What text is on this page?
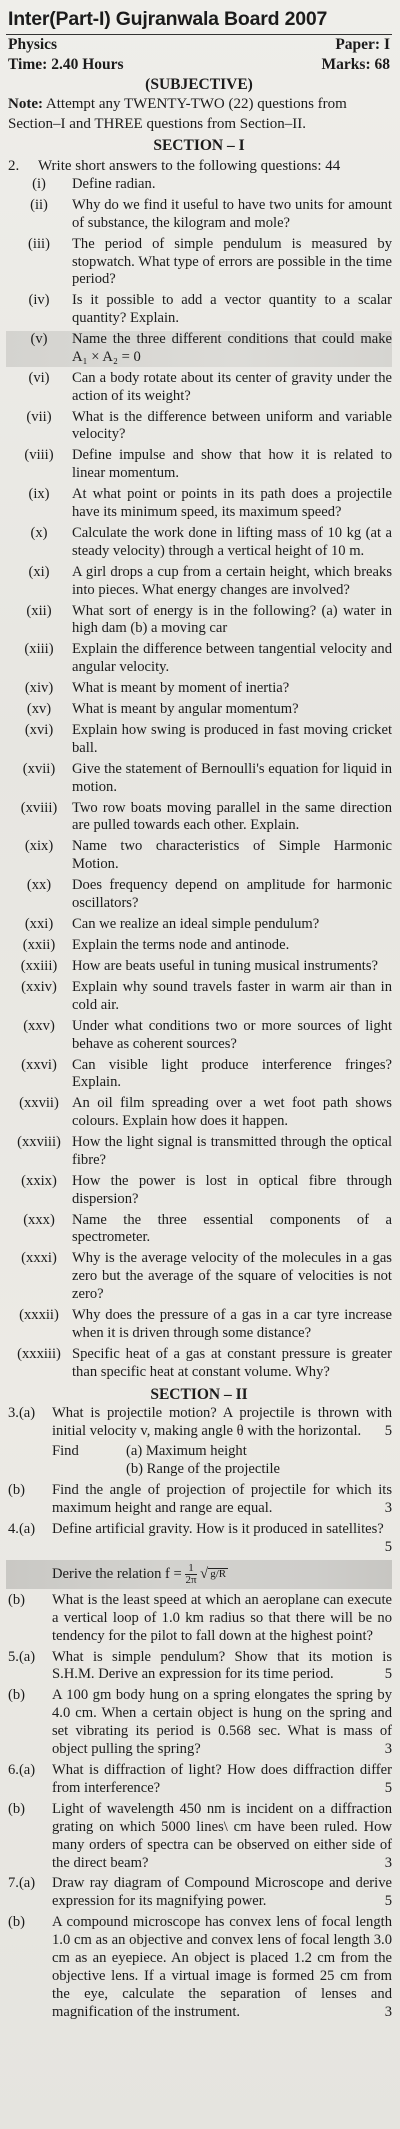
Inter(Part-I) Gujranwala Board 2007
Physics	Paper: I
Time: 2.40 Hours	Marks: 68
(SUBJECTIVE)
Note: Attempt any TWENTY-TWO (22) questions from Section–I and THREE questions from Section–II.
SECTION – I
2.	Write short answers to the following questions: 44
(i)	Define radian.
(ii)	Why do we find it useful to have two units for amount of substance, the kilogram and mole?
(iii)	The period of simple pendulum is measured by stopwatch. What type of errors are possible in the time period?
(iv)	Is it possible to add a vector quantity to a scalar quantity? Explain.
(v)	Name the three different conditions that could make A₁ × A₂ = 0
(vi)	Can a body rotate about its center of gravity under the action of its weight?
(vii)	What is the difference between uniform and variable velocity?
(viii)	Define impulse and show that how it is related to linear momentum.
(ix)	At what point or points in its path does a projectile have its minimum speed, its maximum speed?
(x)	Calculate the work done in lifting mass of 10 kg (at a steady velocity) through a vertical height of 10 m.
(xi)	A girl drops a cup from a certain height, which breaks into pieces. What energy changes are involved?
(xii)	What sort of energy is in the following? (a) water in high dam (b) a moving car
(xiii)	Explain the difference between tangential velocity and angular velocity.
(xiv)	What is meant by moment of inertia?
(xv)	What is meant by angular momentum?
(xvi)	Explain how swing is produced in fast moving cricket ball.
(xvii)	Give the statement of Bernoulli's equation for liquid in motion.
(xviii)	Two row boats moving parallel in the same direction are pulled towards each other. Explain.
(xix)	Name two characteristics of Simple Harmonic Motion.
(xx)	Does frequency depend on amplitude for harmonic oscillators?
(xxi)	Can we realize an ideal simple pendulum?
(xxii)	Explain the terms node and antinode.
(xxiii)	How are beats useful in tuning musical instruments?
(xxiv)	Explain why sound travels faster in warm air than in cold air.
(xxv)	Under what conditions two or more sources of light behave as coherent sources?
(xxvi)	Can visible light produce interference fringes? Explain.
(xxvii) An oil film spreading over a wet foot path shows colours. Explain how does it happen.
(xxviii) How the light signal is transmitted through the optical fibre?
(xxix)	How the power is lost in optical fibre through dispersion?
(xxx)	Name the three essential components of a spectrometer.
(xxxi)	Why is the average velocity of the molecules in a gas zero but the average of the square of velocities is not zero?
(xxxii) Why does the pressure of a gas in a car tyre increase when it is driven through some distance?
(xxxiii) Specific heat of a gas at constant pressure is greater than specific heat at constant volume. Why?
SECTION – II
3.(a)	What is projectile motion? A projectile is thrown with initial velocity v, making angle θ with the horizontal.	5
Find	(a) Maximum height
(b) Range of the projectile
(b)	Find the angle of projection of projectile for which its maximum height and range are equal.	3
4.(a)	Define artificial gravity. How is it produced in satellites?
5
Derive the relation $f = \frac{1}{2\pi}$ √ g/R
(b)	What is the least speed at which an aeroplane can execute a vertical loop of 1.0 km radius so that there will be no tendency for the pilot to fall down at the highest point?
5.(a)	What is simple pendulum? Show that its motion is S.H.M. Derive an expression for its time period.	5
(b)	A 100 gm body hung on a spring elongates the spring by 4.0 cm. When a certain object is hung on the spring and set vibrating its period is 0.568 sec. What is mass of object pulling the spring?	3
6.(a)	What is diffraction of light? How does diffraction differ from interference?	5
(b)	Light of wavelength 450 nm is incident on a diffraction grating on which 5000 lines\ cm have been ruled. How many orders of spectra can be observed on either side of the direct beam?	3
7.(a)	Draw ray diagram of Compound Microscope and derive expression for its magnifying power.	5
(b)	A compound microscope has convex lens of focal length 1.0 cm as an objective and convex lens of focal length 3.0 cm as an eyepiece. An object is placed 1.2 cm from the objective lens. If a virtual image is formed 25 cm from the eye, calculate the separation of lenses and magnification of the instrument.	3
